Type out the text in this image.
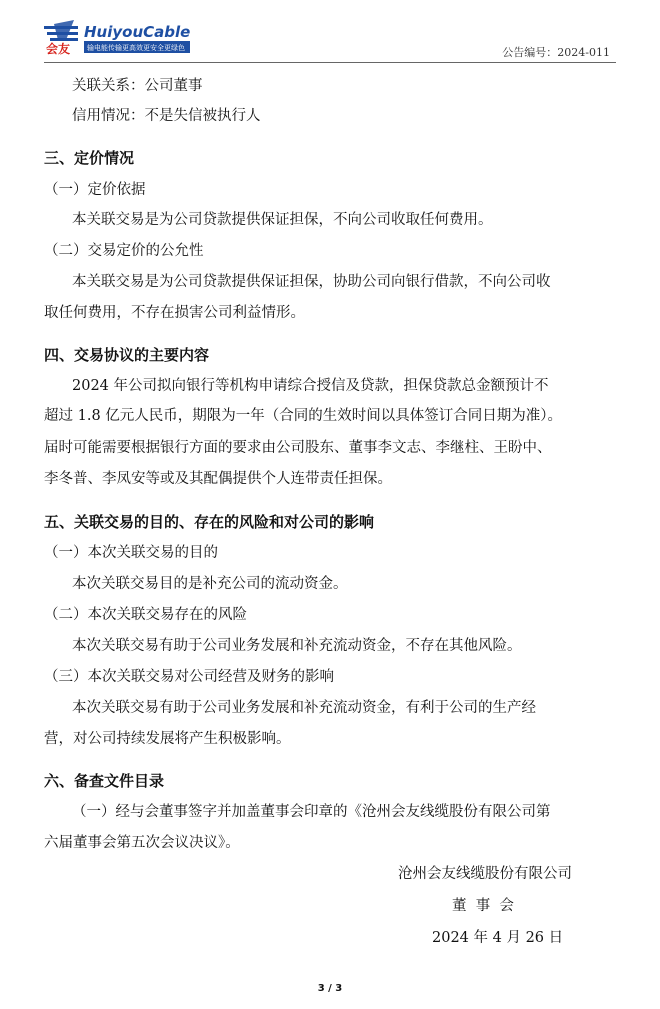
会友
HuiyouCable
输电能传输更高效更安全更绿色	公告编号：2024-011
关联关系：公司董事
信用情况：不是失信被执行人
三、定价情况
（一）定价依据
本关联交易是为公司贷款提供保证担保，不向公司收取任何费用。
（二）交易定价的公允性
本关联交易是为公司贷款提供保证担保，协助公司向银行借款，不向公司收
取任何费用，不存在损害公司利益情形。
四、交易协议的主要内容
2024 年公司拟向银行等机构申请综合授信及贷款，担保贷款总金额预计不
超过 1.8 亿元人民币，期限为一年（合同的生效时间以具体签订合同日期为准）。
届时可能需要根据银行方面的要求由公司股东、董事李文志、李继柱、王盼中、
李冬普、李凤安等或及其配偶提供个人连带责任担保。
五、关联交易的目的、存在的风险和对公司的影响
（一）本次关联交易的目的
本次关联交易目的是补充公司的流动资金。
（二）本次关联交易存在的风险
本次关联交易有助于公司业务发展和补充流动资金，不存在其他风险。
（三）本次关联交易对公司经营及财务的影响
本次关联交易有助于公司业务发展和补充流动资金，有利于公司的生产经
营，对公司持续发展将产生积极影响。
六、备查文件目录
（一）经与会董事签字并加盖董事会印章的《沧州会友线缆股份有限公司第
六届董事会第五次会议决议》。
沧州会友线缆股份有限公司
董  事  会
2024 年 4 月 26 日
3 / 3
